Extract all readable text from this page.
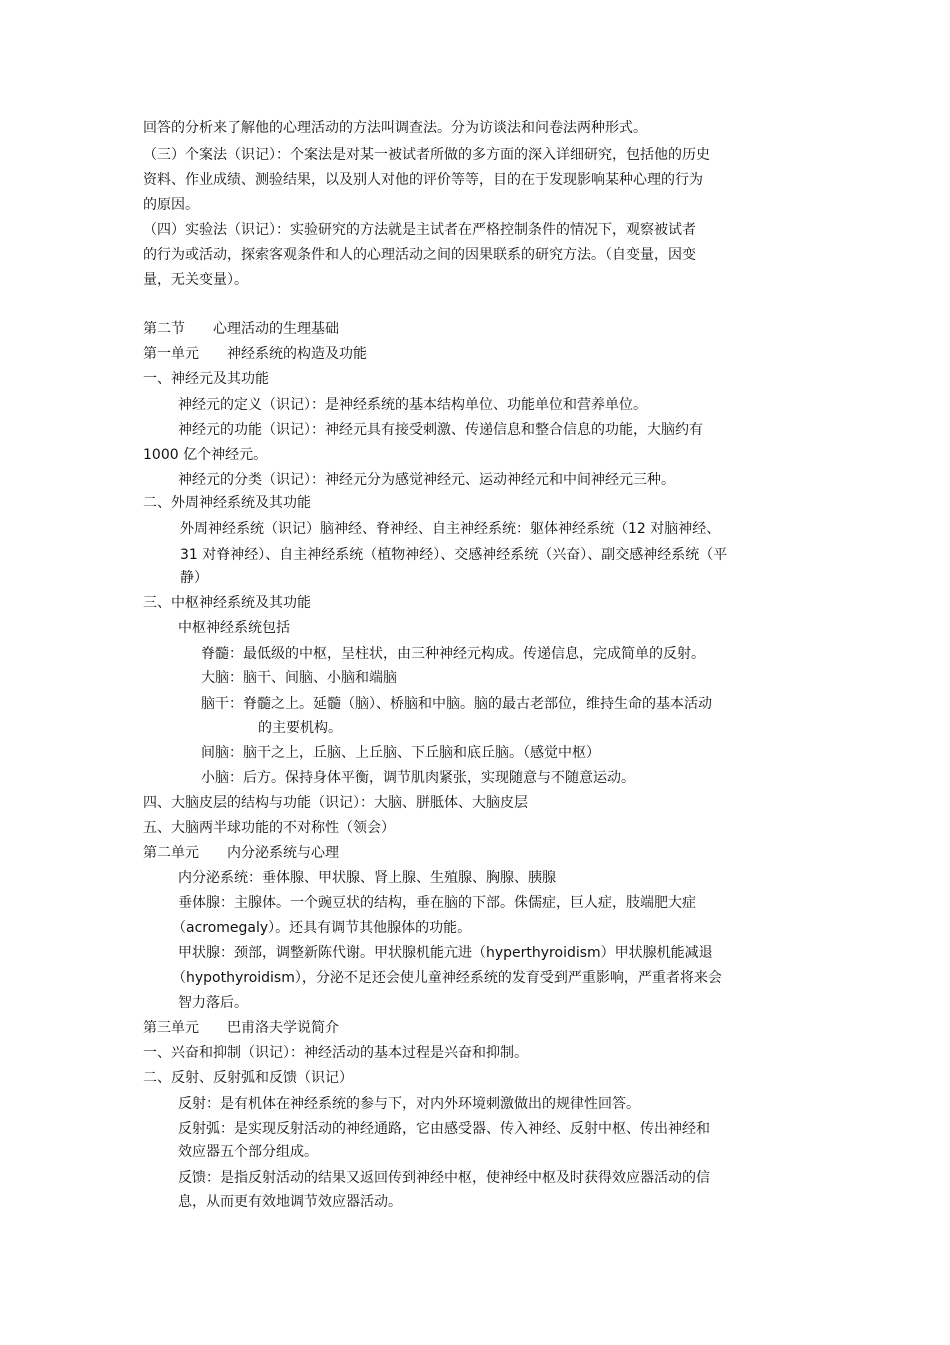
回答的分析来了解他的心理活动的方法叫调查法。分为访谈法和问卷法两种形式。
（三）个案法（识记）：个案法是对某一被试者所做的多方面的深入详细研究，包括他的历史
资料、作业成绩、测验结果，以及别人对他的评价等等，目的在于发现影响某种心理的行为
的原因。
（四）实验法（识记）：实验研究的方法就是主试者在严格控制条件的情况下，观察被试者
的行为或活动，探索客观条件和人的心理活动之间的因果联系的研究方法。（自变量，因变
量，无关变量）。
第二节　　心理活动的生理基础
第一单元　　神经系统的构造及功能
一、神经元及其功能
神经元的定义（识记）：是神经系统的基本结构单位、功能单位和营养单位。
神经元的功能（识记）：神经元具有接受刺激、传递信息和整合信息的功能，大脑约有
1000 亿个神经元。
神经元的分类（识记）：神经元分为感觉神经元、运动神经元和中间神经元三种。
二、外周神经系统及其功能
外周神经系统（识记）脑神经、脊神经、自主神经系统：躯体神经系统（12 对脑神经、
31 对脊神经）、自主神经系统（植物神经）、交感神经系统（兴奋）、副交感神经系统（平
静）
三、中枢神经系统及其功能
中枢神经系统包括
脊髓：最低级的中枢，呈柱状，由三种神经元构成。传递信息，完成简单的反射。
大脑：脑干、间脑、小脑和端脑
脑干：脊髓之上。延髓（脑）、桥脑和中脑。脑的最古老部位，维持生命的基本活动
的主要机构。
间脑：脑干之上，丘脑、上丘脑、下丘脑和底丘脑。（感觉中枢）
小脑：后方。保持身体平衡，调节肌肉紧张，实现随意与不随意运动。
四、大脑皮层的结构与功能（识记）：大脑、胼胝体、大脑皮层
五、大脑两半球功能的不对称性（领会）
第二单元　　内分泌系统与心理
内分泌系统：垂体腺、甲状腺、肾上腺、生殖腺、胸腺、胰腺
垂体腺：主腺体。一个豌豆状的结构，垂在脑的下部。侏儒症，巨人症，肢端肥大症
（acromegaly）。还具有调节其他腺体的功能。
甲状腺：颈部，调整新陈代谢。甲状腺机能亢进（hyperthyroidism）甲状腺机能减退
（hypothyroidism），分泌不足还会使儿童神经系统的发育受到严重影响，严重者将来会
智力落后。
第三单元　　巴甫洛夫学说简介
一、兴奋和抑制（识记）：神经活动的基本过程是兴奋和抑制。
二、反射、反射弧和反馈（识记）
反射：是有机体在神经系统的参与下，对内外环境刺激做出的规律性回答。
反射弧：是实现反射活动的神经通路，它由感受器、传入神经、反射中枢、传出神经和
效应器五个部分组成。
反馈：是指反射活动的结果又返回传到神经中枢，使神经中枢及时获得效应器活动的信
息，从而更有效地调节效应器活动。
